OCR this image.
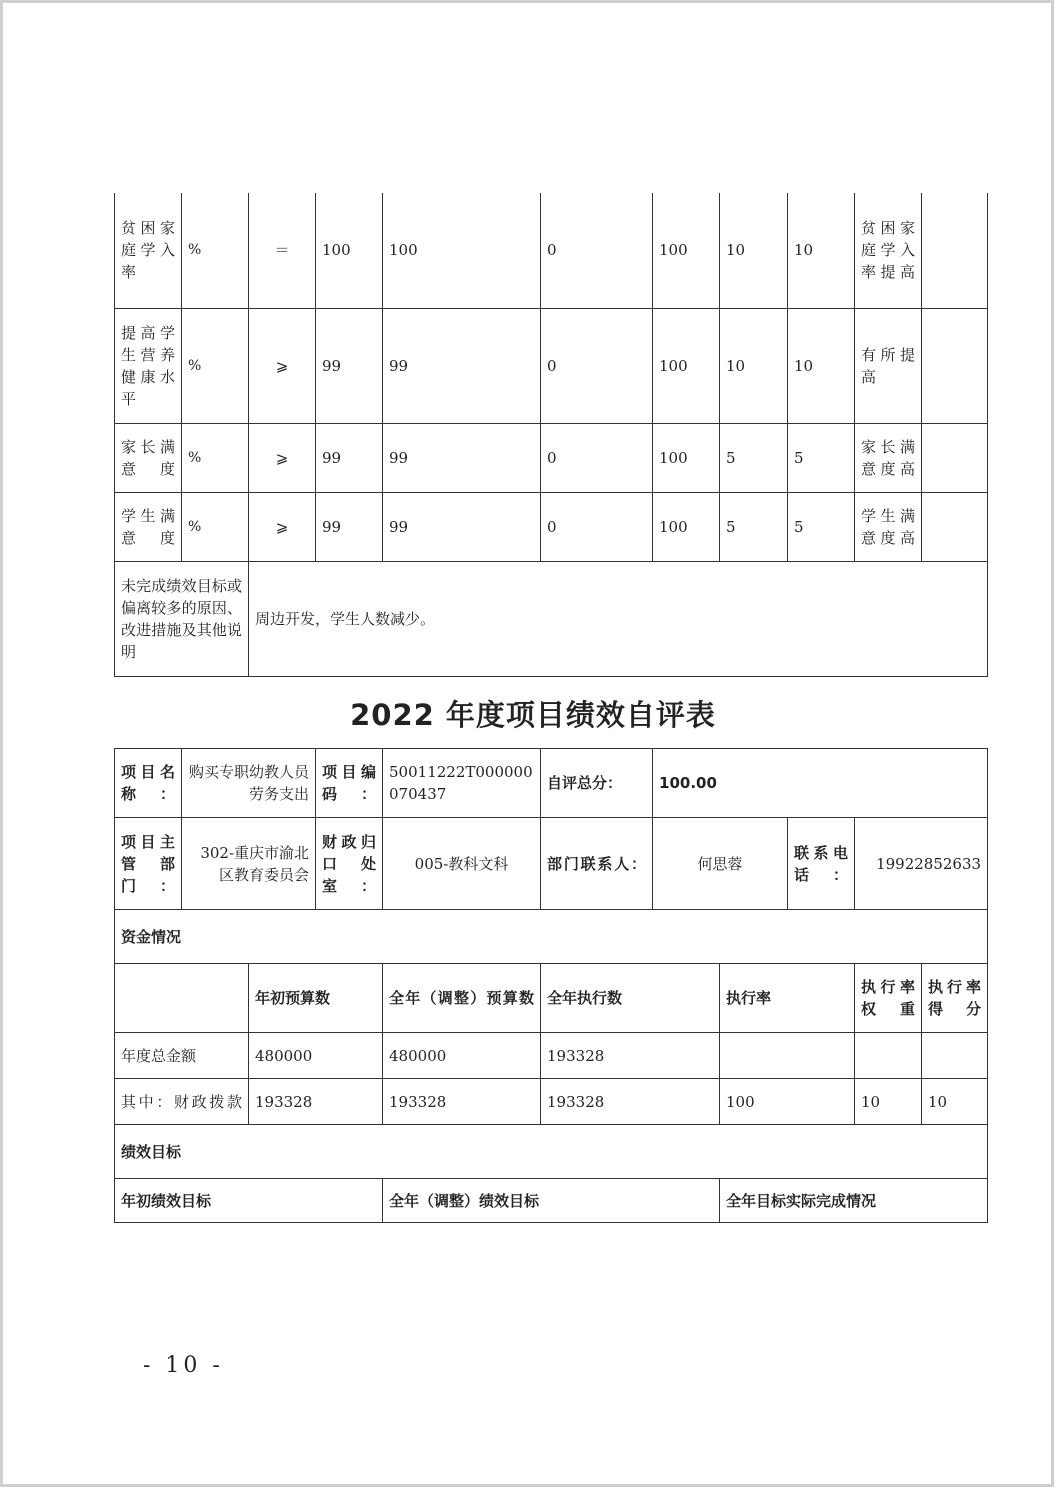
贫困家庭学入率	%	＝	100	100	0	100	10	10	贫困家庭学入率提高	
提高学生营养健康水平	%	⩾	99	99	0	100	10	10	有所提高	
家长满意度	%	⩾	99	99	0	100	5	5	家长满意度高	
学生满意度	%	⩾	99	99	0	100	5	5	学生满意度高	
未完成绩效目标或偏离较多的原因、改进措施及其他说明		周边开发，学生人数减少。								
2022 年度项目绩效自评表
项目名称：	购买专职幼教人员劳务支出		项目编码：	50011222T000000070437	自评总分：	100.00				
项目主管部门：	302-重庆市渝北区教育委员会		财政归口处室：	005-教科文科	部门联系人：	何思蓉		联系电话：	19922852633	
资金情况										
		年初预算数		全年（调整）预算数	全年执行数		执行率		执行率权重	执行率得分
年度总金额		480000		480000	193328					
其中：财政拨款		193328		193328	193328		100		10	10
绩效目标										
年初绩效目标				全年（调整）绩效目标			全年目标实际完成情况			
- 10 -
